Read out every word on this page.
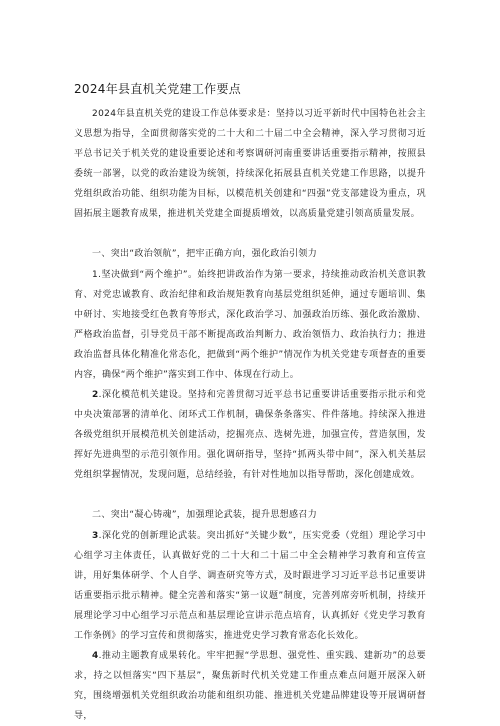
2024年县直机关党建工作要点

2024年县直机关党的建设工作总体要求是：坚持以习近平新时代中国特色社会主义思想为指导，全面贯彻落实党的二十大和二十届二中全会精神，深入学习贯彻习近平总书记关于机关党的建设重要论述和考察调研河南重要讲话重要指示精神，按照县委统一部署，以党的政治建设为统领，持续深化拓展县直机关党建工作思路，以提升党组织政治功能、组织功能为目标，以模范机关创建和“四强”党支部建设为重点，巩固拓展主题教育成果，推进机关党建全面提质增效，以高质量党建引领高质量发展。

一、突出“政治领航”，把牢正确方向，强化政治引领力

1.坚决做到“两个维护”。始终把讲政治作为第一要求，持续推动政治机关意识教育、对党忠诚教育、政治纪律和政治规矩教育向基层党组织延伸，通过专题培训、集中研讨、实地接受红色教育等形式，深化政治学习、加强政治历练、强化政治激励、严格政治监督，引导党员干部不断提高政治判断力、政治领悟力、政治执行力；推进政治监督具体化精准化常态化，把做到“两个维护”情况作为机关党建专项督查的重要内容，确保“两个维护”落实到工作中、体现在行动上。

2.深化模范机关建设。坚持和完善贯彻习近平总书记重要讲话重要指示批示和党中央决策部署的清单化、闭环式工作机制，确保条条落实、件件落地。持续深入推进各级党组织开展模范机关创建活动，挖掘亮点、选树先进，加强宣传，营造氛围，发挥好先进典型的示范引领作用。强化调研指导，坚持“抓两头带中间”，深入机关基层党组织掌握情况，发现问题，总结经验，有针对性地加以指导帮助，深化创建成效。

二、突出“凝心铸魂”，加强理论武装，提升思想感召力

3.深化党的创新理论武装。突出抓好“关键少数”，压实党委（党组）理论学习中心组学习主体责任，认真做好党的二十大和二十届二中全会精神学习教育和宣传宣讲，用好集体研学、个人自学、调查研究等方式，及时跟进学习习近平总书记重要讲话重要指示批示精神。健全完善和落实“第一议题”制度，完善列席旁听机制，持续开展理论学习中心组学习示范点和基层理论宣讲示范点培育，认真抓好《党史学习教育工作条例》的学习宣传和贯彻落实，推进党史学习教育常态化长效化。

4.推动主题教育成果转化。牢牢把握“学思想、强党性、重实践、建新功”的总要求，持之以恒落实“四下基层”，聚焦新时代机关党建工作重点难点问题开展深入研究，围绕增强机关党组织政治功能和组织功能、推进机关党建品牌建设等开展调研督导，
